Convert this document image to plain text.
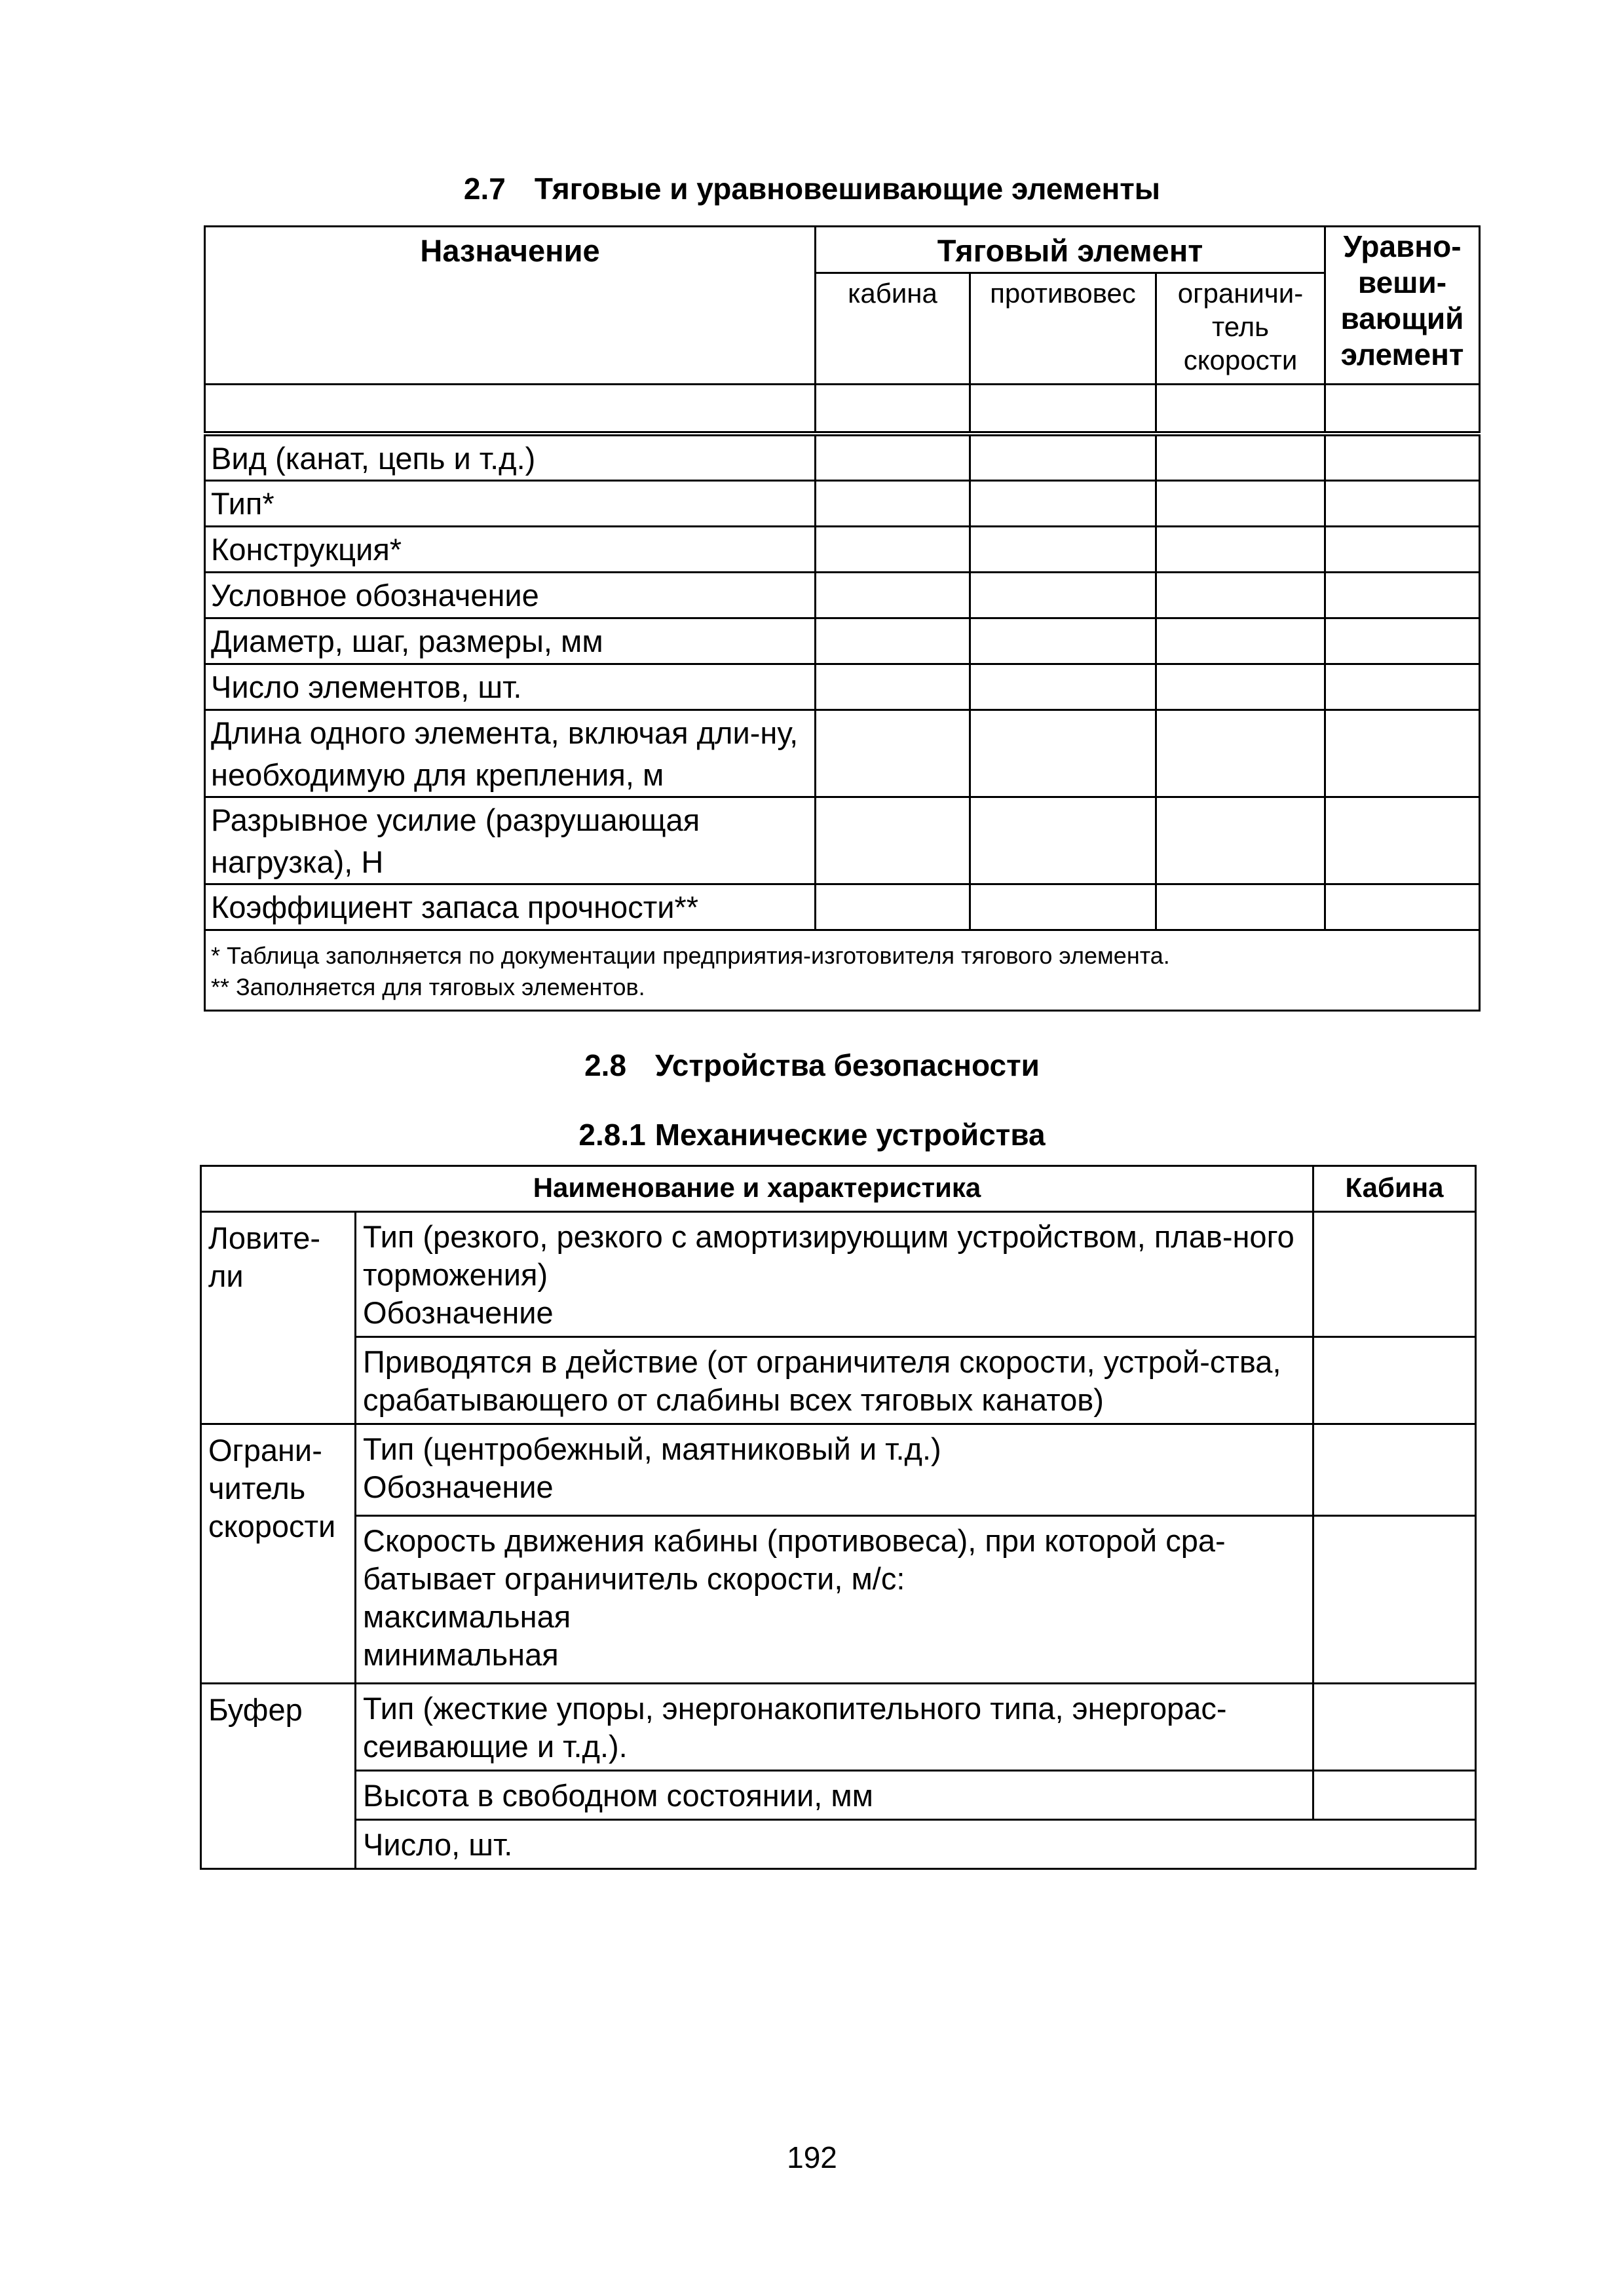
2.7 Тяговые и уравновешивающие элементы
Назначение	Тяговый элемент			Уравно-веши-вающий элемент
	кабина	противовес	ограничи-тель скорости	

Вид (канат, цепь и т.д.)				
Тип*				
Конструкция*				
Условное обозначение				
Диаметр, шаг, размеры, мм				
Число элементов, шт.				
Длина одного элемента, включая дли-ну, необходимую для крепления, м				
Разрывное усилие (разрушающая нагрузка), Н				
Коэффициент запаса прочности**				

* Таблица заполняется по документации предприятия-изготовителя тягового элемента.
** Заполняется для тяговых элементов.				
2.8 Устройства безопасности
2.8.1 Механические устройства
Наименование и характеристика		Кабина
Ловите-ли	Тип (резкого, резкого с амортизирующим устройством, плав-ного торможения)
Обозначение	
	Приводятся в действие (от ограничителя скорости, устрой-ства, срабатывающего от слабины всех тяговых канатов)	
Ограни-читель скорости	Тип (центробежный, маятниковый и т.д.)
Обозначение	
	Скорость движения кабины (противовеса), при которой сра-батывает ограничитель скорости, м/с:
максимальная
минимальная	
Буфер	Тип (жесткие упоры, энергонакопительного типа, энергорас-сеивающие и т.д.).	
	Высота в свободном состоянии, мм	
	Число, шт.	
192
